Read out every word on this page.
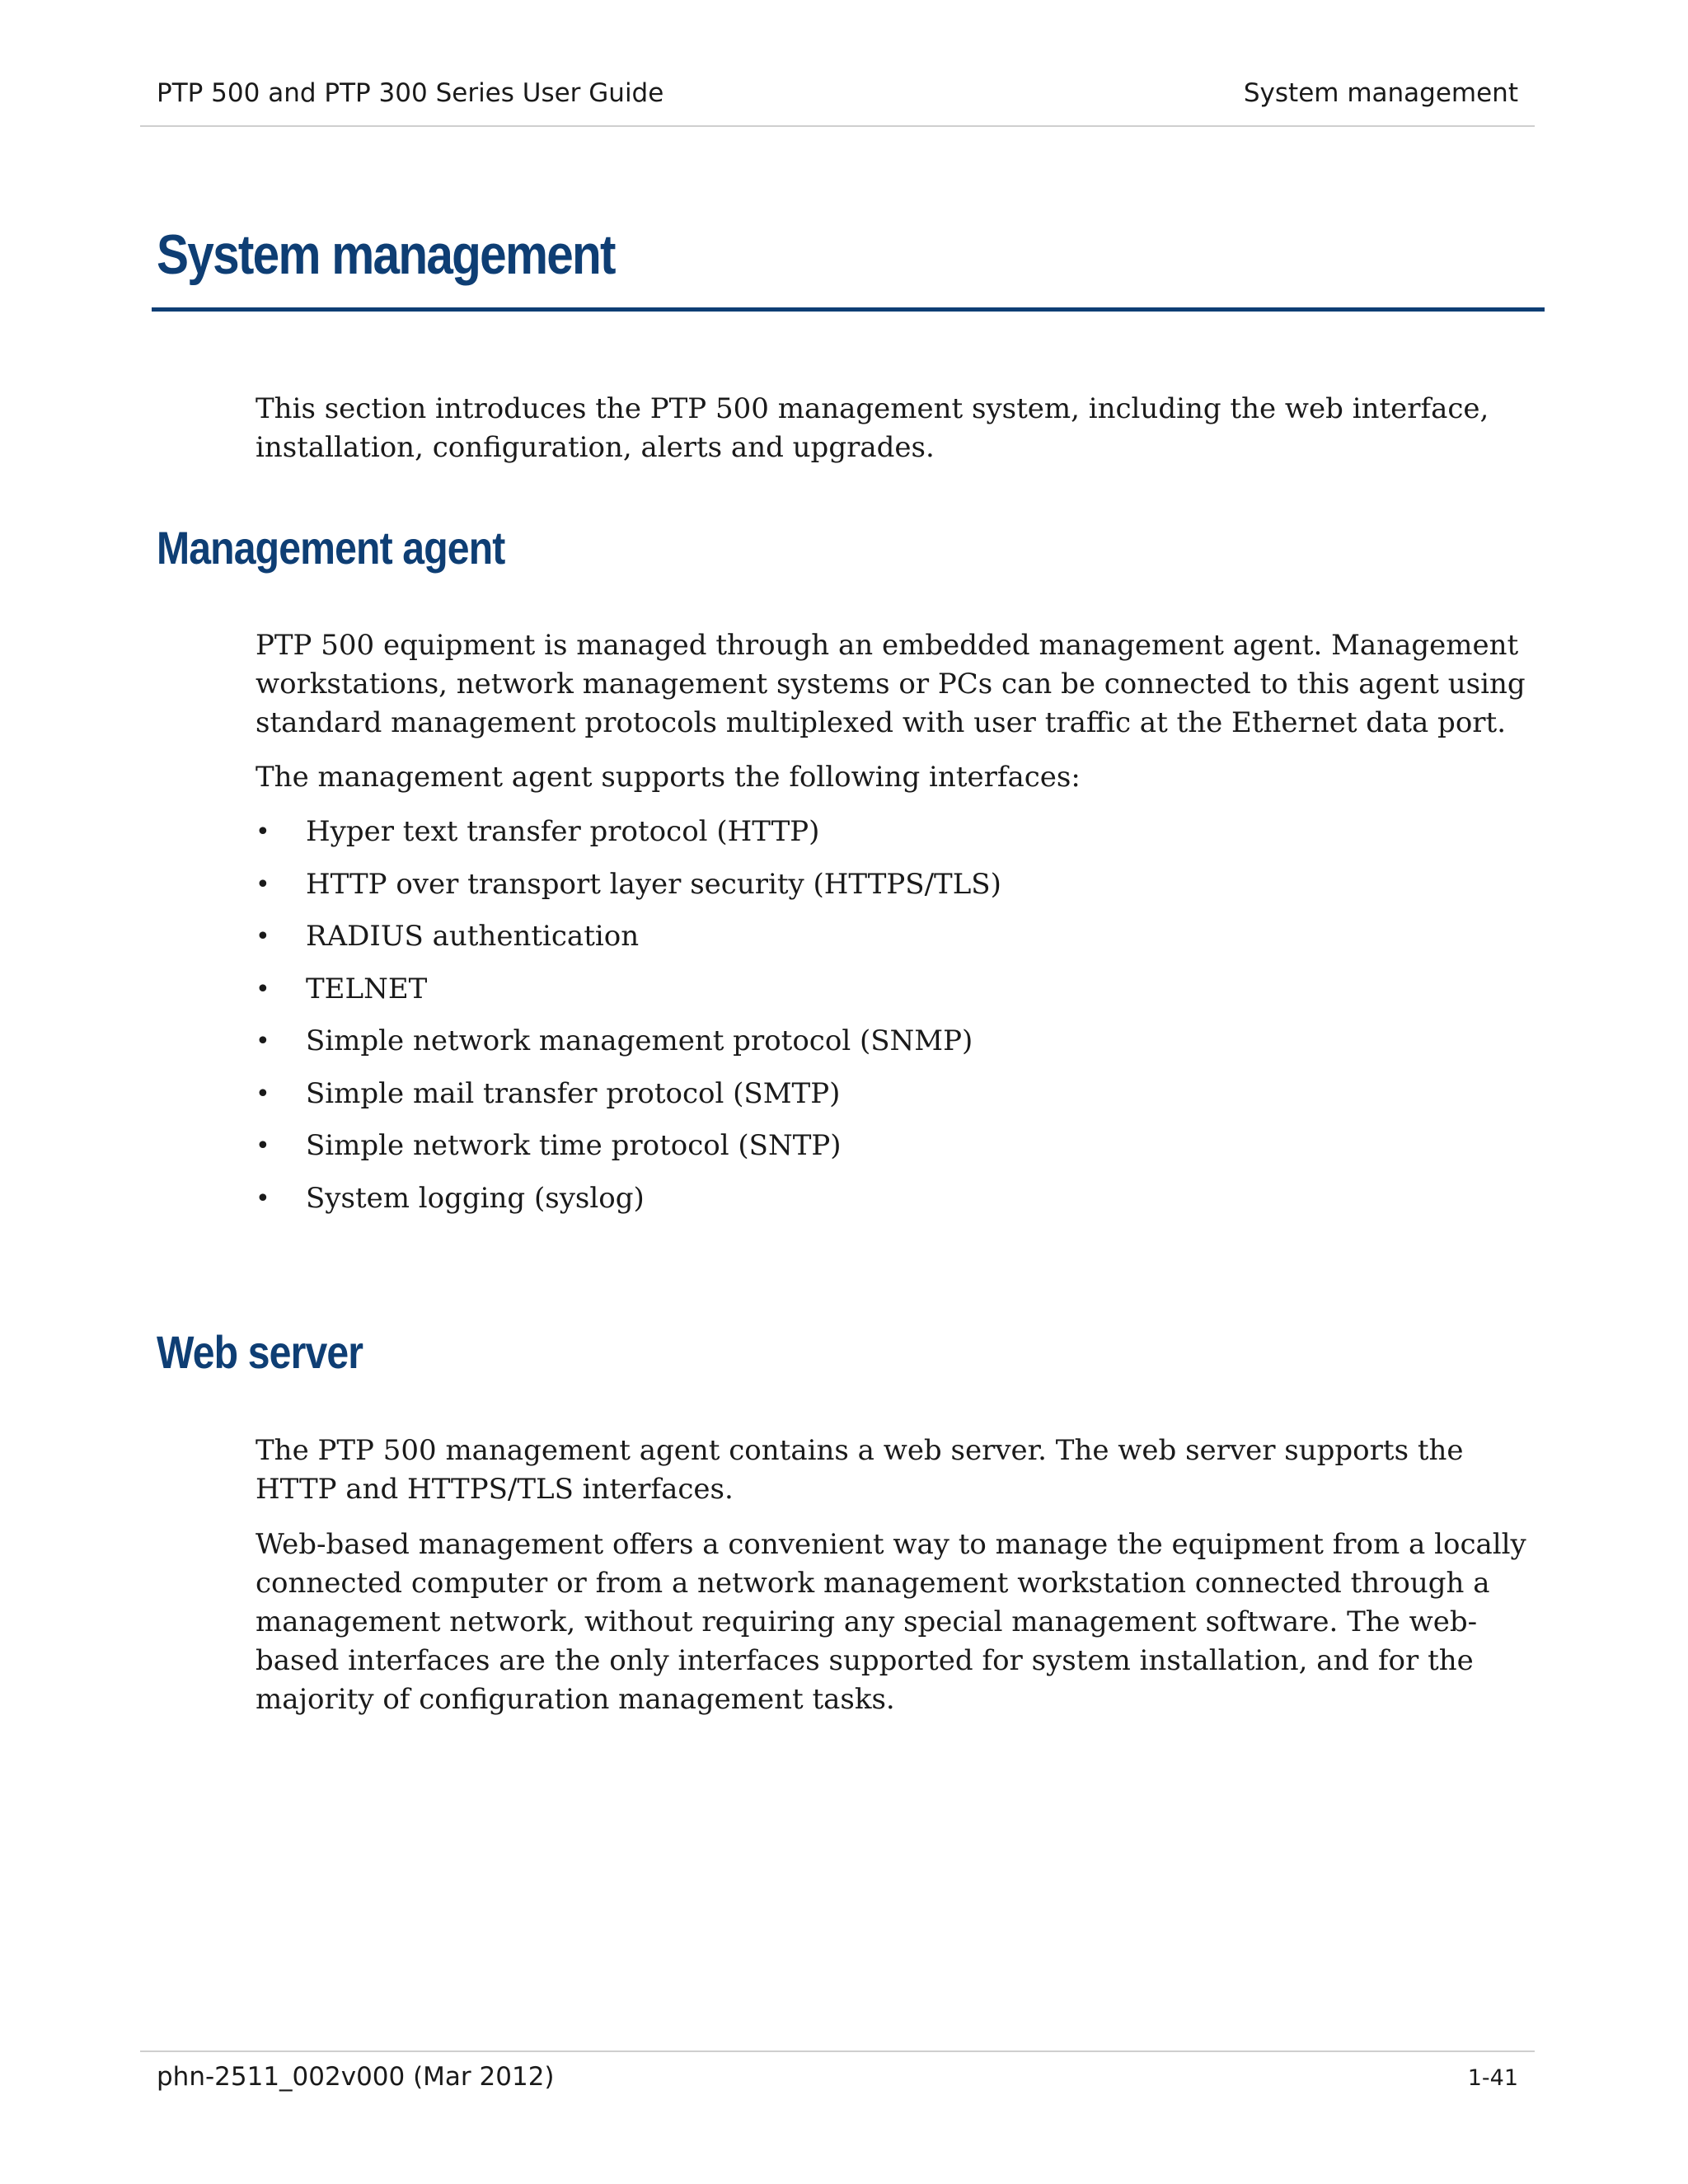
PTP 500 and PTP 300 Series User Guide	System management
System management

This section introduces the PTP 500 management system, including the web interface, installation, configuration, alerts and upgrades.

Management agent

PTP 500 equipment is managed through an embedded management agent. Management workstations, network management systems or PCs can be connected to this agent using standard management protocols multiplexed with user traffic at the Ethernet data port.

The management agent supports the following interfaces:

• Hyper text transfer protocol (HTTP)
• HTTP over transport layer security (HTTPS/TLS)
• RADIUS authentication
• TELNET
• Simple network management protocol (SNMP)
• Simple mail transfer protocol (SMTP)
• Simple network time protocol (SNTP)
• System logging (syslog)
Web server

The PTP 500 management agent contains a web server. The web server supports the HTTP and HTTPS/TLS interfaces.

Web-based management offers a convenient way to manage the equipment from a locally connected computer or from a network management workstation connected through a management network, without requiring any special management software. The web-based interfaces are the only interfaces supported for system installation, and for the majority of configuration management tasks.

phn-2511_002v000 (Mar 2012)	1-41
